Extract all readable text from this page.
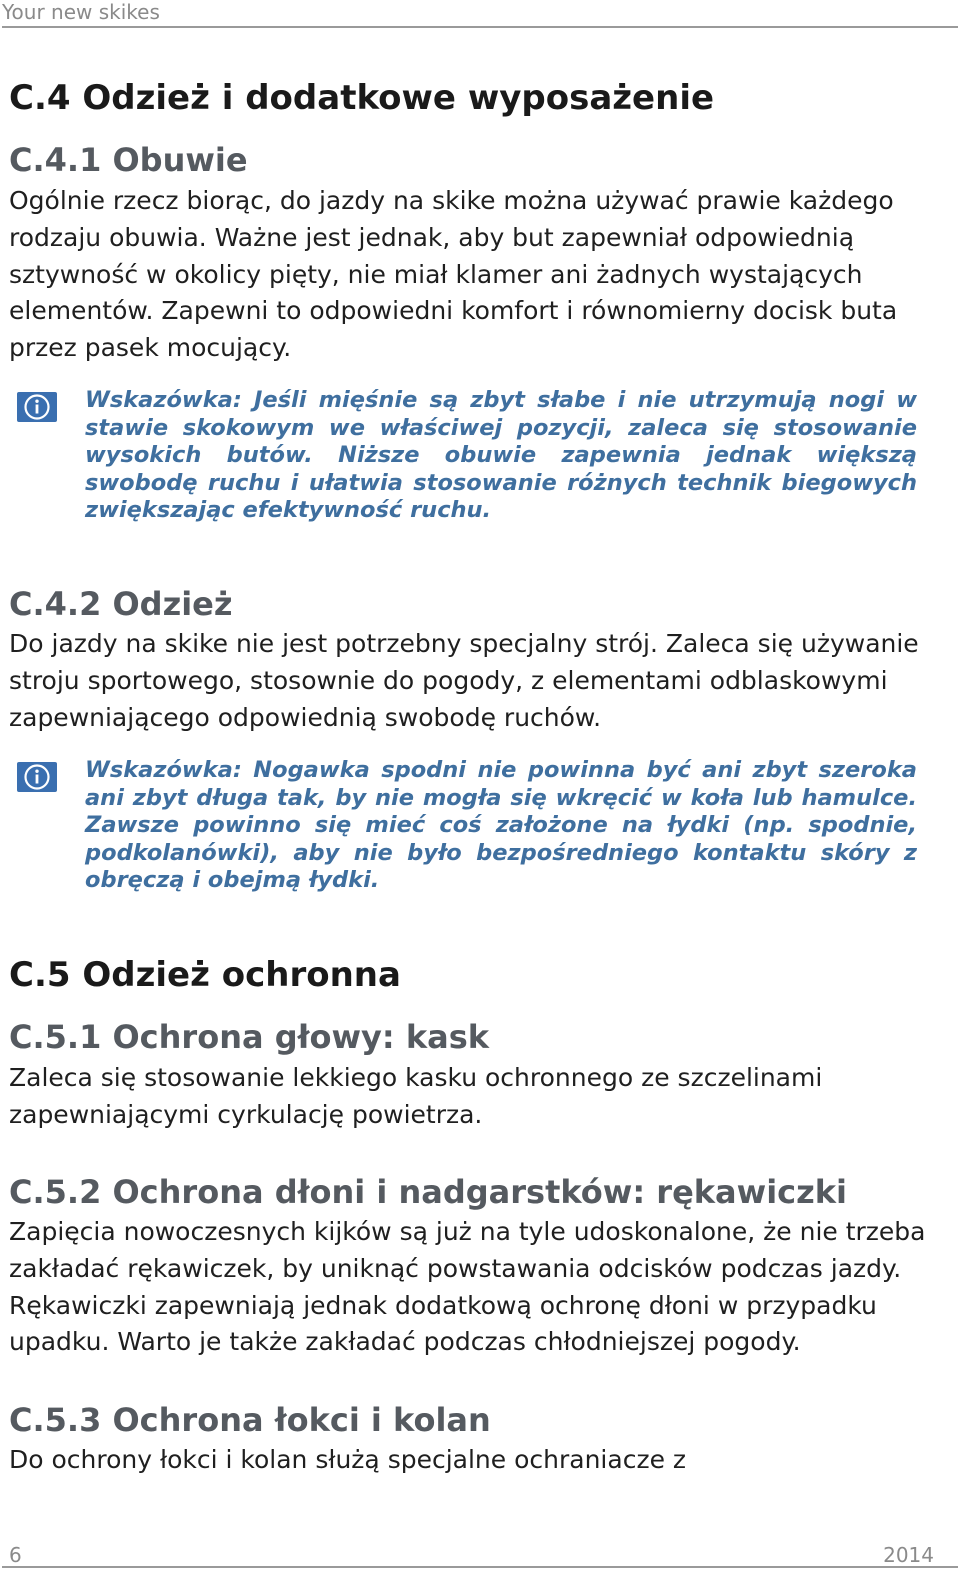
Your new skikes
C.4 Odzież i dodatkowe wyposażenie
C.4.1 Obuwie

Ogólnie rzecz biorąc, do jazdy na skike można używać prawie każdego rodzaju obuwia. Ważne jest jednak, aby but zapewniał odpowiednią sztywność w okolicy pięty, nie miał klamer ani żadnych wystających elementów. Zapewni to odpowiedni komfort i równomierny docisk buta przez pasek mocujący.

Wskazówka: Jeśli mięśnie są zbyt słabe i nie utrzymują nogi w stawie skokowym we właściwej pozycji, zaleca się stosowanie wysokich butów. Niższe obuwie zapewnia jednak większą swobodę ruchu i ułatwia stosowanie różnych technik biegowych zwiększając efektywność ruchu.

C.4.2 Odzież

Do jazdy na skike nie jest potrzebny specjalny strój. Zaleca się używanie stroju sportowego, stosownie do pogody, z elementami odblaskowymi zapewniającego odpowiednią swobodę ruchów.

Wskazówka: Nogawka spodni nie powinna być ani zbyt szeroka ani zbyt długa tak, by nie mogła się wkręcić w koła lub hamulce. Zawsze powinno się mieć coś założone na łydki (np. spodnie, podkolanówki), aby nie było bezpośredniego kontaktu skóry z obręczą i obejmą łydki.

C.5 Odzież ochronna
C.5.1 Ochrona głowy: kask

Zaleca się stosowanie lekkiego kasku ochronnego ze szczelinami zapewniającymi cyrkulację powietrza.

C.5.2 Ochrona dłoni i nadgarstków: rękawiczki

Zapięcia nowoczesnych kijków są już na tyle udoskonalone, że nie trzeba zakładać rękawiczek, by uniknąć powstawania odcisków podczas jazdy. Rękawiczki zapewniają jednak dodatkową ochronę dłoni w przypadku upadku. Warto je także zakładać podczas chłodniejszej pogody.

C.5.3 Ochrona łokci i kolan

Do ochrony łokci i kolan służą specjalne ochraniacze z

6	2014
